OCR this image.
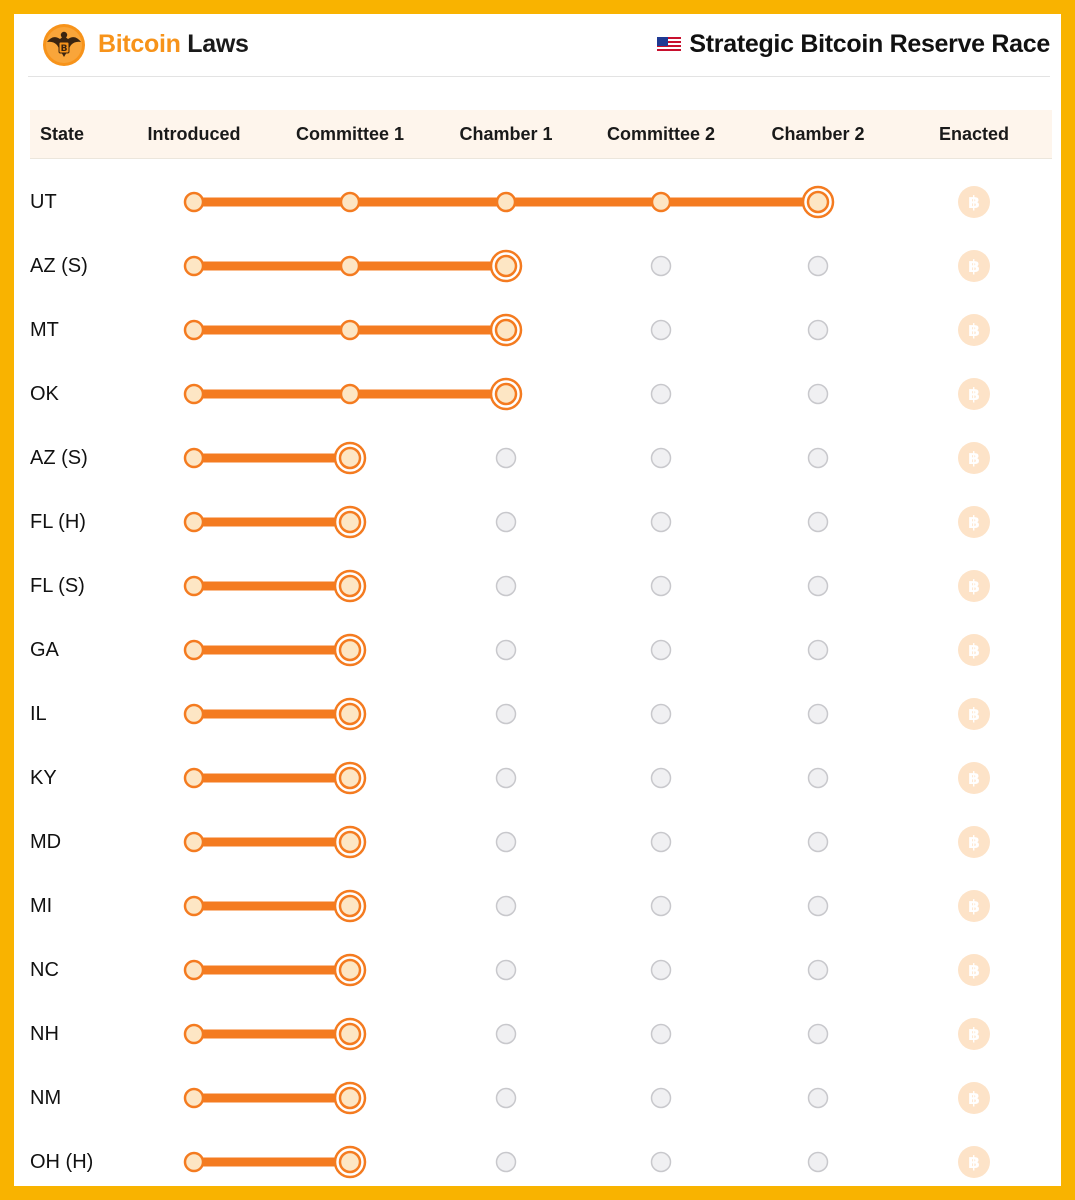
B Bitcoin Laws	Strategic Bitcoin Reserve Race
State	Introduced	Committee 1	Chamber 1	Committee 2	Chamber 2	Enacted
UT	฿
AZ (S)	฿
MT	฿
OK	฿
AZ (S)	฿
FL (H)	฿
FL (S)	฿
GA	฿
IL	฿
KY	฿
MD	฿
MI	฿
NC	฿
NH	฿
NM	฿
OH (H)	฿
